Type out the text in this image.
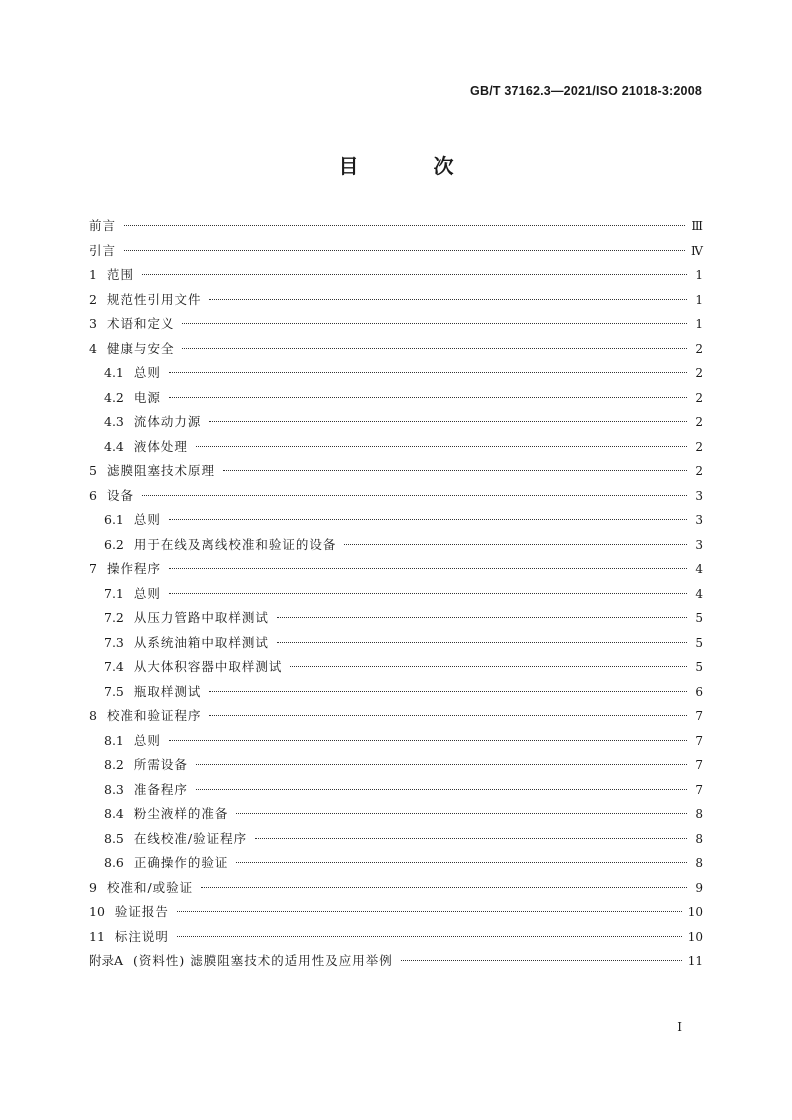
GB/T 37162.3—2021/ISO 21018-3:2008
目 次
前言	Ⅲ
引言	Ⅳ
1 范围	1
2 规范性引用文件	1
3 术语和定义	1
4 健康与安全	2
4.1 总则	2
4.2 电源	2
4.3 流体动力源	2
4.4 液体处理	2
5 滤膜阻塞技术原理	2
6 设备	3
6.1 总则	3
6.2 用于在线及离线校准和验证的设备	3
7 操作程序	4
7.1 总则	4
7.2 从压力管路中取样测试	5
7.3 从系统油箱中取样测试	5
7.4 从大体积容器中取样测试	5
7.5 瓶取样测试	6
8 校准和验证程序	7
8.1 总则	7
8.2 所需设备	7
8.3 准备程序	7
8.4 粉尘液样的准备	8
8.5 在线校准/验证程序	8
8.6 正确操作的验证	8
9 校准和/或验证	9
10 验证报告	10
11 标注说明	10
附录A (资料性) 滤膜阻塞技术的适用性及应用举例	11
I
